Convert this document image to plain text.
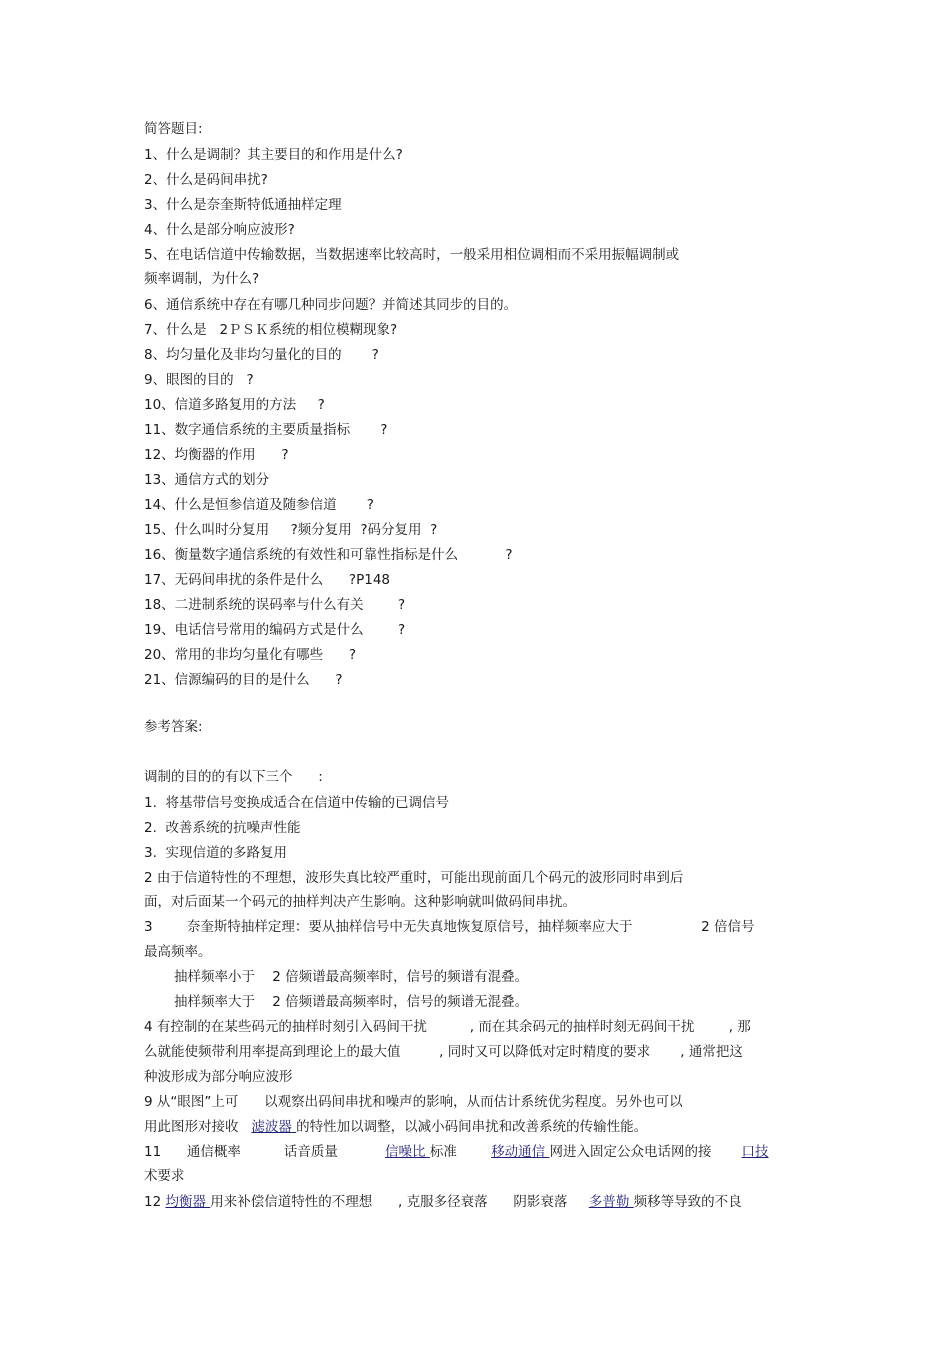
简答题目:

1、什么是调制？其主要目的和作用是什么?

2、什么是码间串扰?

3、什么是奈奎斯特低通抽样定理

4、什么是部分响应波形?

5、在电话信道中传输数据，当数据速率比较高时，一般采用相位调相而不采用振幅调制或

频率调制，为什么?

6、通信系统中存在有哪几种同步问题？并简述其同步的目的。

7、什么是   2ＰＳＫ系统的相位模糊现象?

8、均匀量化及非均匀量化的目的       ?

9、眼图的目的   ?

10、信道多路复用的方法     ?

11、数字通信系统的主要质量指标       ?

12、均衡器的作用      ?

13、通信方式的划分

14、什么是恒参信道及随参信道       ?

15、什么叫时分复用     ?频分复用  ?码分复用  ?

16、衡量数字通信系统的有效性和可靠性指标是什么           ?

17、无码间串扰的条件是什么      ?P148

18、二进制系统的误码率与什么有关        ?

19、电话信号常用的编码方式是什么        ?

20、常用的非均匀量化有哪些      ?

21、信源编码的目的是什么      ?

参考答案:

调制的目的的有以下三个      :

1.  将基带信号变换成适合在信道中传输的已调信号

2.  改善系统的抗噪声性能

3.  实现信道的多路复用

2 由于信道特性的不理想，波形失真比较严重时，可能出现前面几个码元的波形同时串到后

面，对后面某一个码元的抽样判决产生影响。这种影响就叫做码间串扰。

3        奈奎斯特抽样定理：要从抽样信号中无失真地恢复原信号，抽样频率应大于                2 倍信号

最高频率。

抽样频率小于    2 倍频谱最高频率时，信号的频谱有混叠。

抽样频率大于    2 倍频谱最高频率时，信号的频谱无混叠。

4 有控制的在某些码元的抽样时刻引入码间干扰          , 而在其余码元的抽样时刻无码间干扰        , 那

么就能使频带利用率提高到理论上的最大值         , 同时又可以降低对定时精度的要求       , 通常把这

种波形成为部分响应波形

9 从“眼图”上可      以观察出码间串扰和噪声的影响，从而估计系统优劣程度。另外也可以

用此图形对接收   滤波器 的特性加以调整，以减小码间串扰和改善系统的传输性能。

11      通信概率          话音质量           信噪比 标准        移动通信 网进入固定公众电话网的接       口技

术要求

12 均衡器 用来补偿信道特性的不理想      , 克服多径衰落      阴影衰落     多普勒 频移等导致的不良
